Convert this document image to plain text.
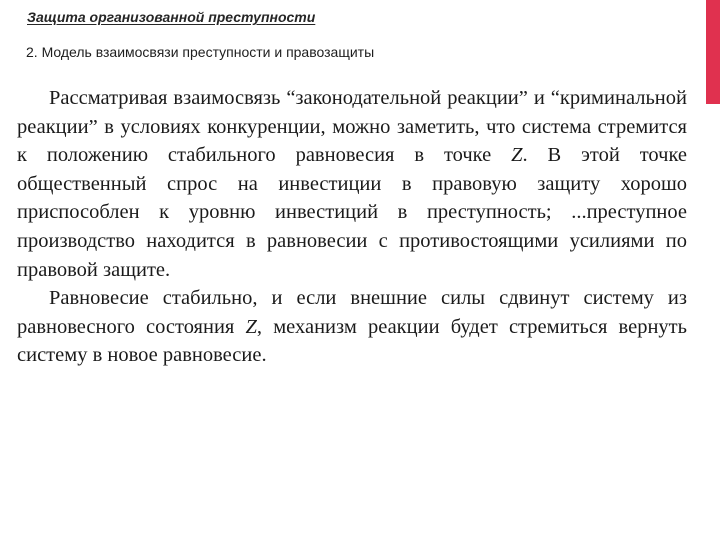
Защита организованной преступности
2. Модель взаимосвязи преступности и правозащиты

Рассматривая взаимосвязь “законодательной реакции” и “криминальной реакции” в условиях конкуренции, можно заметить, что система стремится к положению стабильного равновесия в точке Z. В этой точке общественный спрос на инвестиции в правовую защиту хорошо приспособлен к уровню инвестиций в преступность; ...преступное производство находится в равновесии с противостоящими усилиями по правовой защите.

Равновесие стабильно, и если внешние силы сдвинут систему из равновесного состояния Z, механизм реакции будет стремиться вернуть систему в новое равновесие.
